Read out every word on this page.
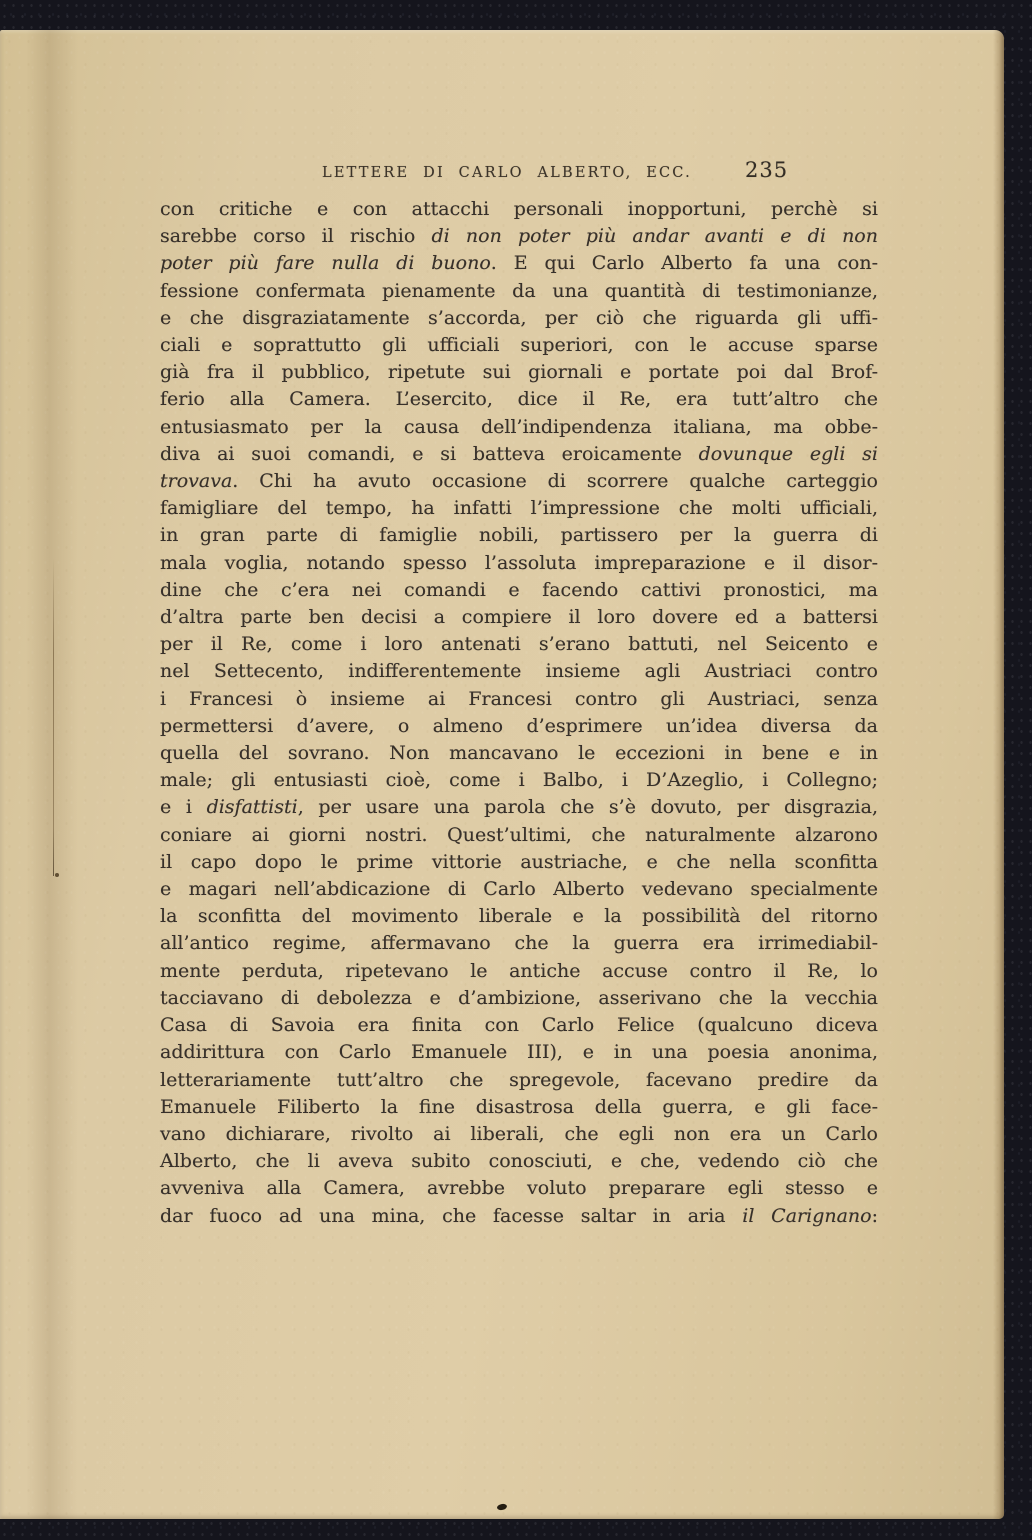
LETTERE DI CARLO ALBERTO, ECC.	235
con critiche e con attacchi personali inopportuni, perchè si
sarebbe corso il rischio di non poter più andar avanti e di non
poter più fare nulla di buono. E qui Carlo Alberto fa una con-
fessione confermata pienamente da una quantità di testimonianze,
e che disgraziatamente s’accorda, per ciò che riguarda gli uffi-
ciali e soprattutto gli ufficiali superiori, con le accuse sparse
già fra il pubblico, ripetute sui giornali e portate poi dal Brof-
ferio alla Camera. L’esercito, dice il Re, era tutt’altro che
entusiasmato per la causa dell’indipendenza italiana, ma obbe-
diva ai suoi comandi, e si batteva eroicamente dovunque egli si
trovava. Chi ha avuto occasione di scorrere qualche carteggio
famigliare del tempo, ha infatti l’impressione che molti ufficiali,
in gran parte di famiglie nobili, partissero per la guerra di
mala voglia, notando spesso l’assoluta impreparazione e il disor-
dine che c’era nei comandi e facendo cattivi pronostici, ma
d’altra parte ben decisi a compiere il loro dovere ed a battersi
per il Re, come i loro antenati s’erano battuti, nel Seicento e
nel Settecento, indifferentemente insieme agli Austriaci contro
i Francesi ò insieme ai Francesi contro gli Austriaci, senza
permettersi d’avere, o almeno d’esprimere un’idea diversa da
quella del sovrano. Non mancavano le eccezioni in bene e in
male; gli entusiasti cioè, come i Balbo, i D’Azeglio, i Collegno;
e i disfattisti, per usare una parola che s’è dovuto, per disgrazia,
coniare ai giorni nostri. Quest’ultimi, che naturalmente alzarono
il capo dopo le prime vittorie austriache, e che nella sconfitta
e magari nell’abdicazione di Carlo Alberto vedevano specialmente
la sconfitta del movimento liberale e la possibilità del ritorno
all’antico regime, affermavano che la guerra era irrimediabil-
mente perduta, ripetevano le antiche accuse contro il Re, lo
tacciavano di debolezza e d’ambizione, asserivano che la vecchia
Casa di Savoia era finita con Carlo Felice (qualcuno diceva
addirittura con Carlo Emanuele III), e in una poesia anonima,
letterariamente tutt’altro che spregevole, facevano predire da
Emanuele Filiberto la fine disastrosa della guerra, e gli face-
vano dichiarare, rivolto ai liberali, che egli non era un Carlo
Alberto, che li aveva subito conosciuti, e che, vedendo ciò che
avveniva alla Camera, avrebbe voluto preparare egli stesso e
dar fuoco ad una mina, che facesse saltar in aria il Carignano:
